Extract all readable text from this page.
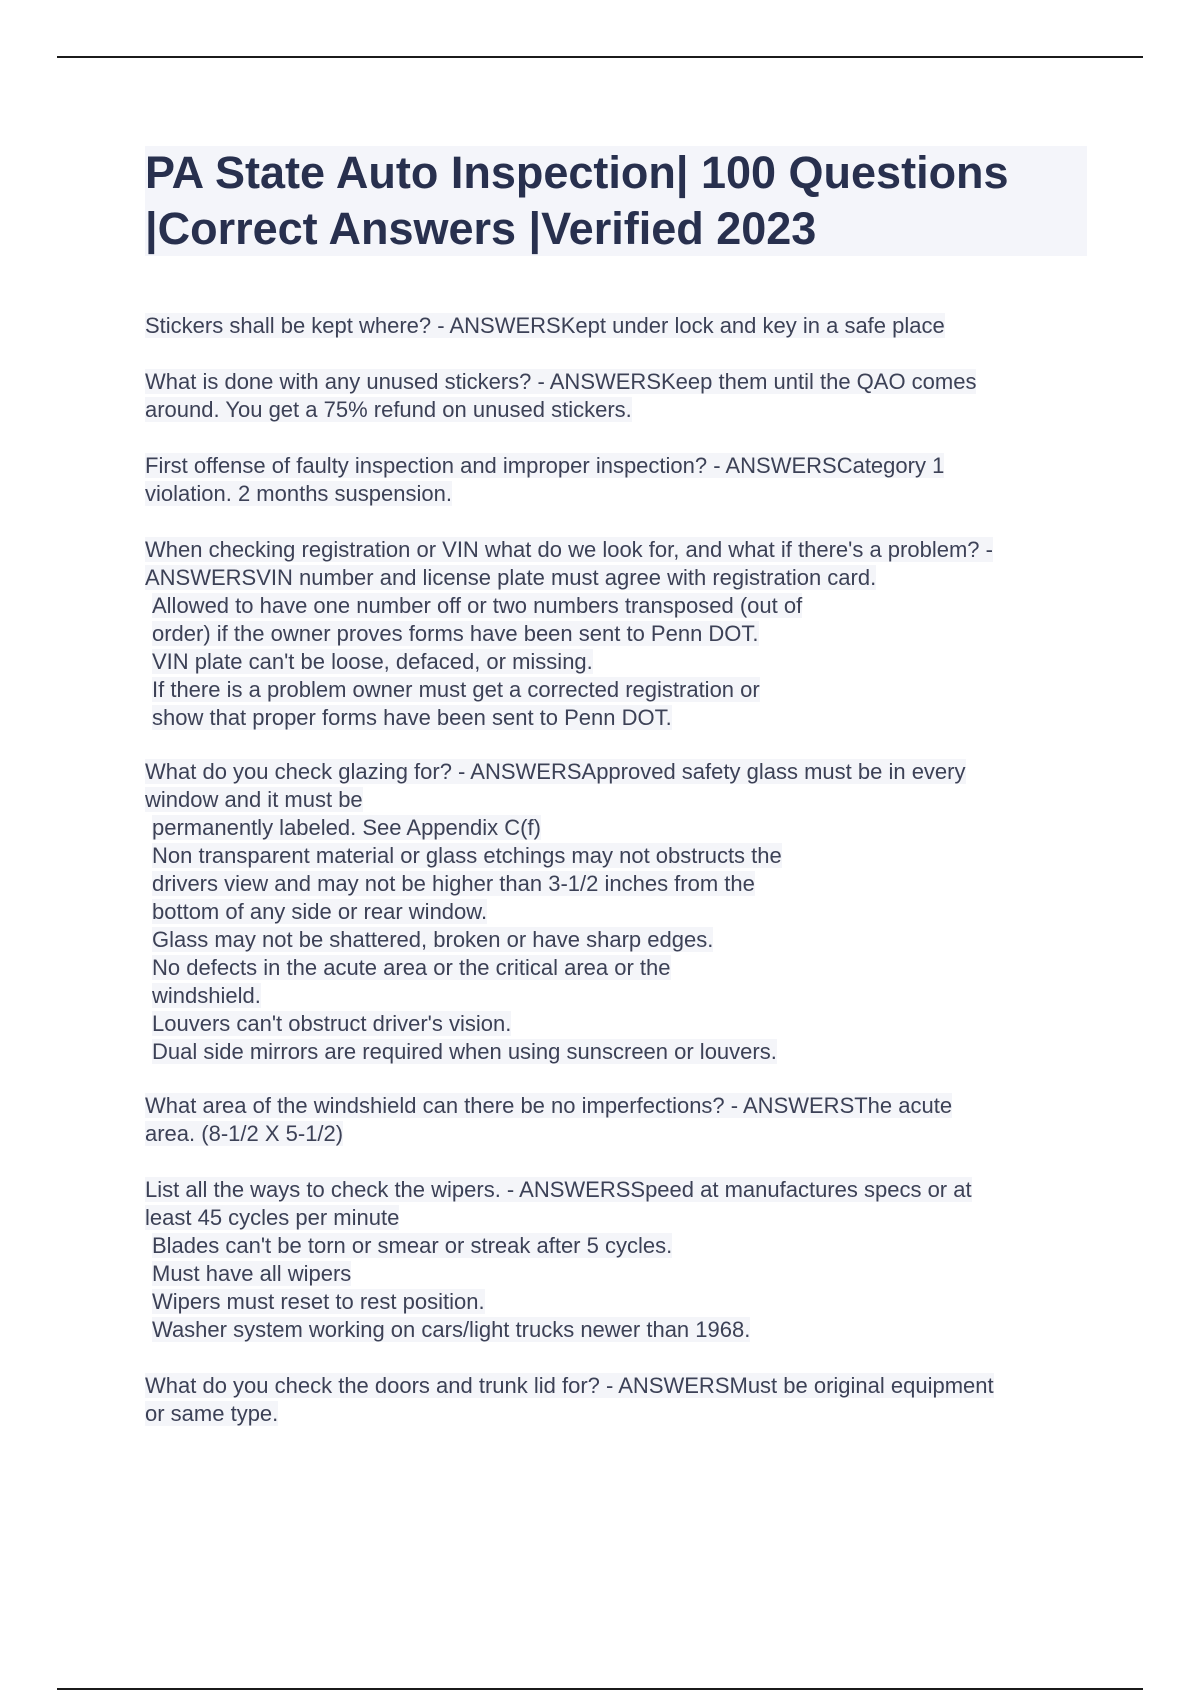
PA State Auto Inspection| 100 Questions
|Correct Answers |Verified 2023
Stickers shall be kept where? - ANSWERSKept under lock and key in a safe place
What is done with any unused stickers? - ANSWERSKeep them until the QAO comes
around. You get a 75% refund on unused stickers.
First offense of faulty inspection and improper inspection? - ANSWERSCategory 1
violation. 2 months suspension.
When checking registration or VIN what do we look for, and what if there's a problem? -
ANSWERSVIN number and license plate must agree with registration card.
Allowed to have one number off or two numbers transposed (out of
order) if the owner proves forms have been sent to Penn DOT.
VIN plate can't be loose, defaced, or missing.
If there is a problem owner must get a corrected registration or
show that proper forms have been sent to Penn DOT.
What do you check glazing for? - ANSWERSApproved safety glass must be in every
window and it must be
permanently labeled. See Appendix C(f)
Non transparent material or glass etchings may not obstructs the
drivers view and may not be higher than 3-1/2 inches from the
bottom of any side or rear window.
Glass may not be shattered, broken or have sharp edges.
No defects in the acute area or the critical area or the
windshield.
Louvers can't obstruct driver's vision.
Dual side mirrors are required when using sunscreen or louvers.
What area of the windshield can there be no imperfections? - ANSWERSThe acute
area. (8-1/2 X 5-1/2)
List all the ways to check the wipers. - ANSWERSSpeed at manufactures specs or at
least 45 cycles per minute
Blades can't be torn or smear or streak after 5 cycles.
Must have all wipers
Wipers must reset to rest position.
Washer system working on cars/light trucks newer than 1968.
What do you check the doors and trunk lid for? - ANSWERSMust be original equipment
or same type.
